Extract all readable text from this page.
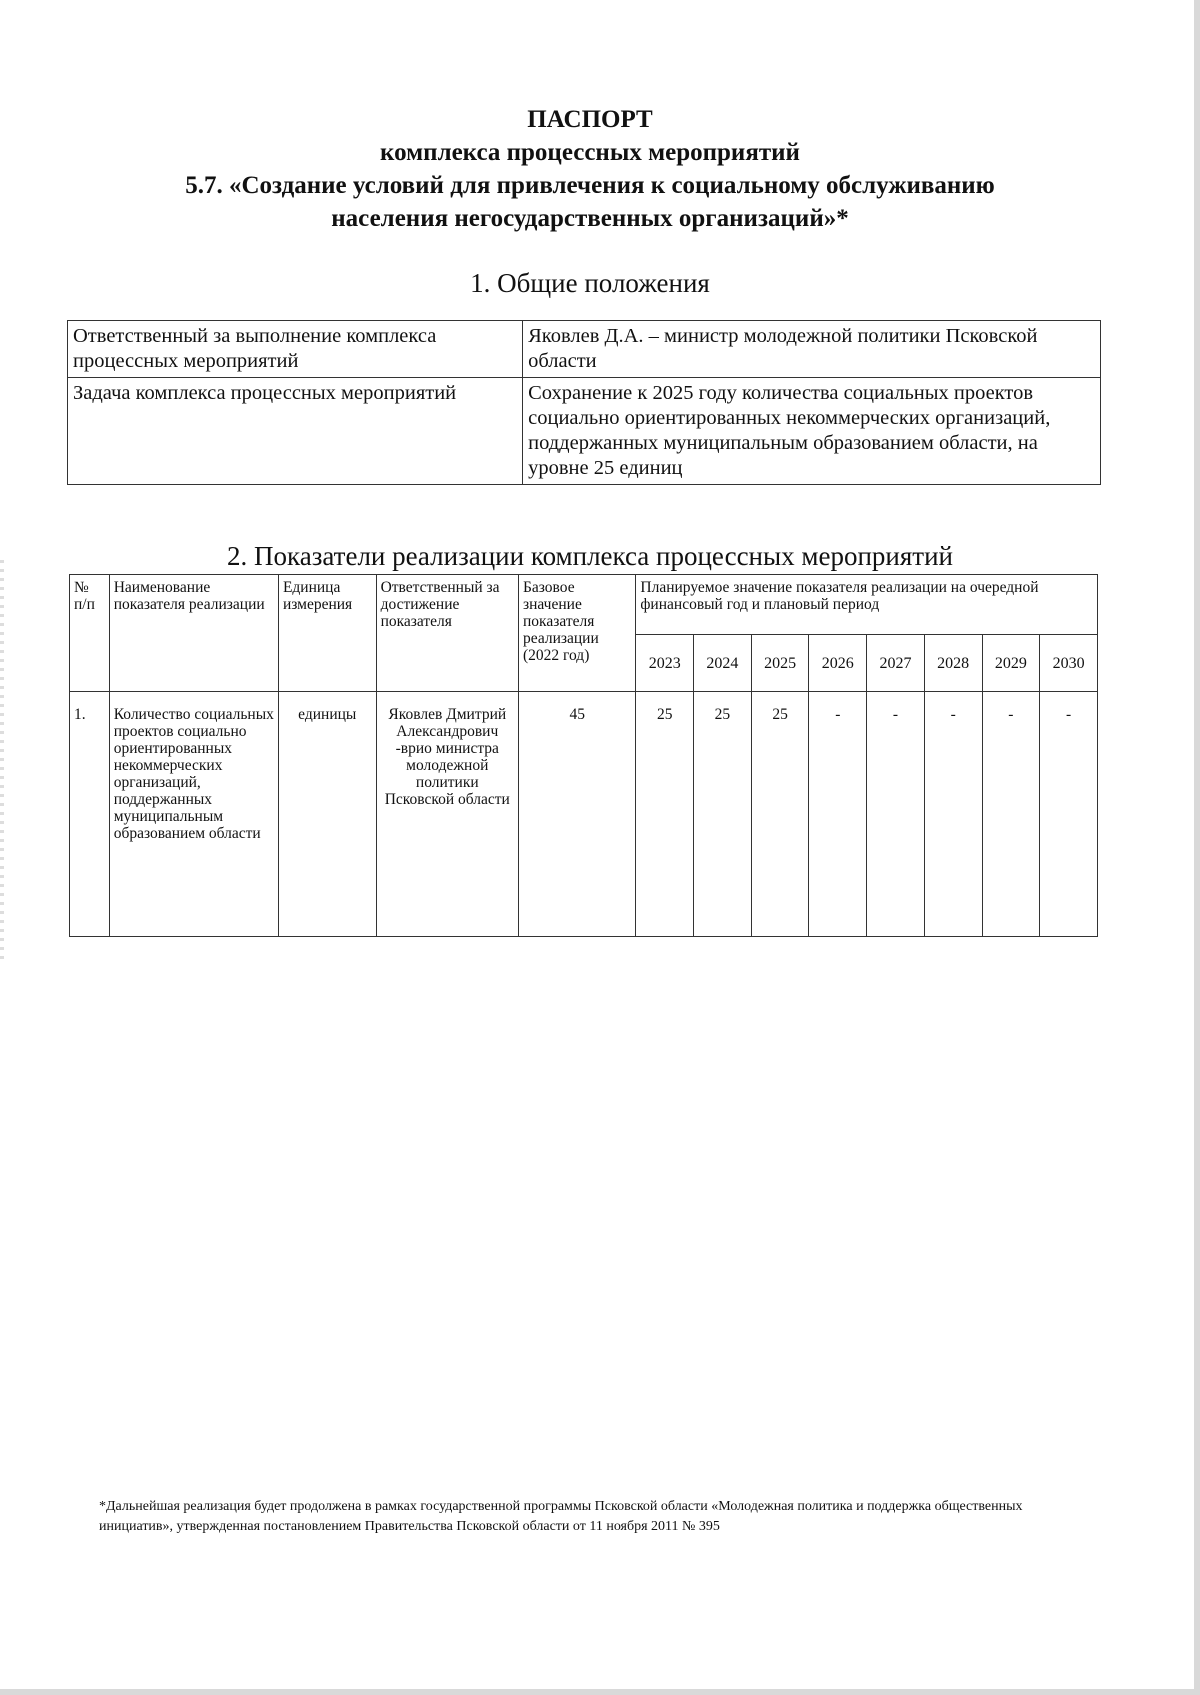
ПАСПОРТ
комплекса процессных мероприятий
5.7. «Создание условий для привлечения к социальному обслуживанию
населения негосударственных организаций»*
1. Общие положения
Ответственный за выполнение комплекса процессных мероприятий	Яковлев Д.А. – министр молодежной политики Псковской области
Задача комплекса процессных мероприятий	Сохранение к 2025 году количества социальных проектов социально ориентированных некоммерческих организаций, поддержанных муниципальным образованием области, на уровне 25 единиц
2. Показатели реализации комплекса процессных мероприятий
№ п/п	Наименование показателя реализации	Единица измерения	Ответственный за достижение показателя	Базовое значение показателя реализации (2022 год)	Планируемое значение показателя реализации на очередной финансовый год и плановый период							
					2023	2024	2025	2026	2027	2028	2029	2030
1.	Количество социальных проектов социально ориентированных некоммерческих организаций, поддержанных муниципальным образованием области	единицы	Яковлев Дмитрий Александрович -врио министра молодежной политики Псковской области	45	25	25	25	-	-	-	-	-
*Дальнейшая реализация будет продолжена в рамках государственной программы Псковской области «Молодежная политика и поддержка общественных инициатив», утвержденная постановлением Правительства Псковской области от 11 ноября 2011 № 395
